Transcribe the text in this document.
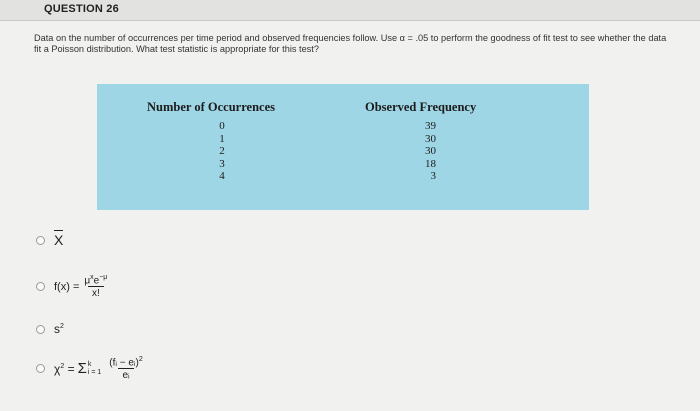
QUESTION 26
Data on the number of occurrences per time period and observed frequencies follow. Use α = .05 to perform the goodness of fit test to see whether the data fit a Poisson distribution. What test statistic is appropriate for this test?
Number of Occurrences	Observed Frequency
0
1
2
3
4
39
30
30
18
3
X
$f(x) = \frac{\mu^xe^{-\mu}}{x!}$
$s^2$
$\chi^2 = \Sigma$ k
$i = 1 \frac{(fᵢ - eᵢ)^2}{\text{eᵢ}}$
